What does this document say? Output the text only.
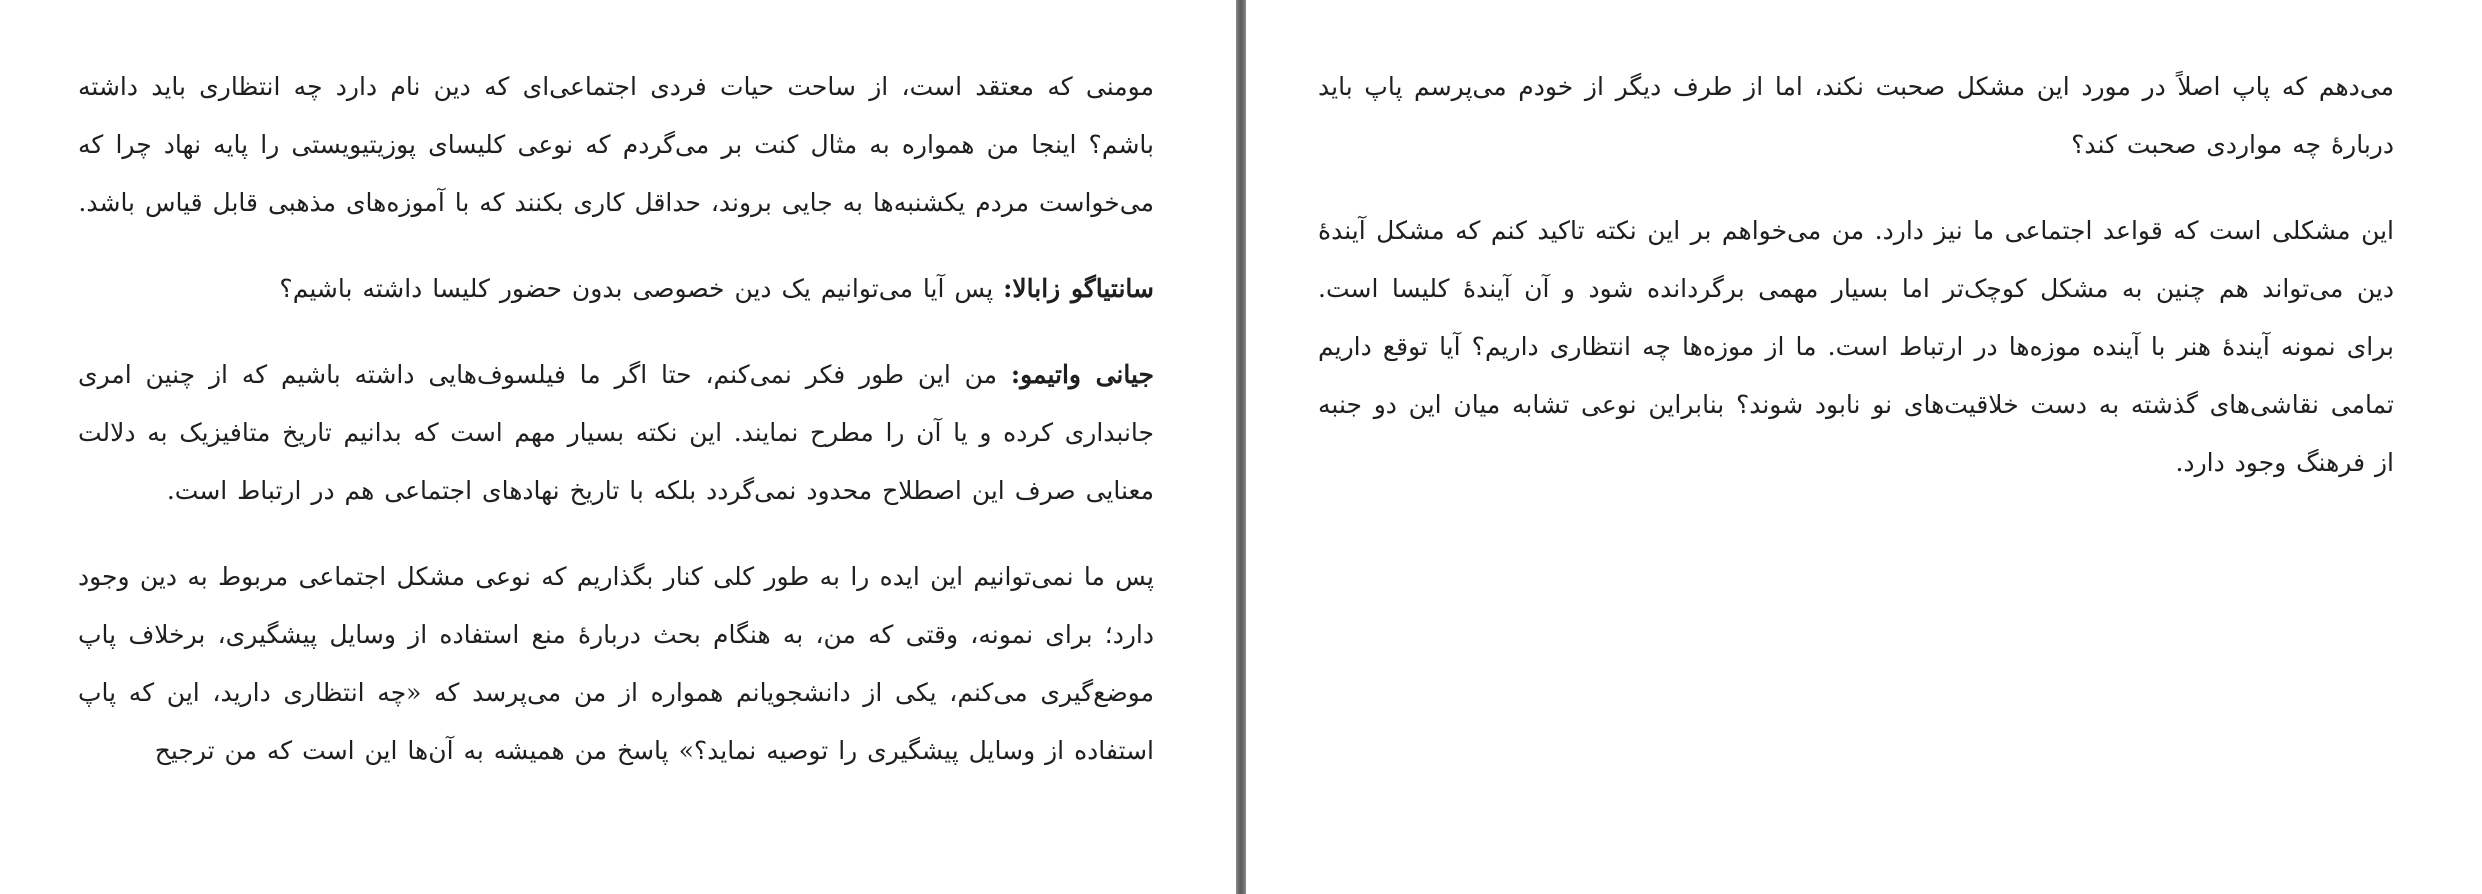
مومنی که معتقد است، از ساحت حیات فردی اجتماعی‌ای که دین نام دارد چه انتظاری باید داشته باشم؟ اینجا من همواره به مثال کنت بر می‌گردم که نوعی کلیسای پوزیتیویستی را پایه نهاد چرا که می‌خواست مردم یکشنبه‌ها به جایی بروند، حداقل کاری بکنند که با آموزه‌های مذهبی قابل قیاس باشد.

سانتیاگو زابالا: پس آیا می‌توانیم یک دین خصوصی بدون حضور کلیسا داشته باشیم؟

جیانی واتیمو: من این طور فکر نمی‌کنم، حتا اگر ما فیلسوف‌هایی داشته باشیم که از چنین امری جانبداری کرده و یا آن را مطرح نمایند. این نکته بسیار مهم است که بدانیم تاریخ متافیزیک به دلالت معنایی صرف این اصطلاح محدود نمی‌گردد بلکه با تاریخ نهادهای اجتماعی هم در ارتباط است.

پس ما نمی‌توانیم این ایده را به طور کلی کنار بگذاریم که نوعی مشکل اجتماعی مربوط به دین وجود دارد؛ برای نمونه، وقتی که من، به هنگام بحث دربارهٔ منع استفاده از وسایل پیشگیری، برخلاف پاپ موضع‌گیری می‌کنم، یکی از دانشجویانم همواره از من می‌پرسد که «چه انتظاری دارید، این که پاپ استفاده از وسایل پیشگیری را توصیه نماید؟» پاسخ من همیشه به آن‌ها این است که من ترجیح

می‌دهم که پاپ اصلاً در مورد این مشکل صحبت نکند، اما از طرف دیگر از خودم می‌پرسم پاپ باید دربارهٔ چه مواردی صحبت کند؟

این مشکلی است که قواعد اجتماعی ما نیز دارد. من می‌خواهم بر این نکته تاکید کنم که مشکل آیندهٔ دین می‌تواند هم چنین به مشکل کوچک‌تر اما بسیار مهمی برگردانده شود و آن آیندهٔ کلیسا است. برای نمونه آیندهٔ هنر با آینده موزه‌ها در ارتباط است. ما از موزه‌ها چه انتظاری داریم؟ آیا توقع داریم تمامی نقاشی‌های گذشته به دست خلاقیت‌های نو نابود شوند؟ بنابراین نوعی تشابه میان این دو جنبه از فرهنگ وجود دارد.
